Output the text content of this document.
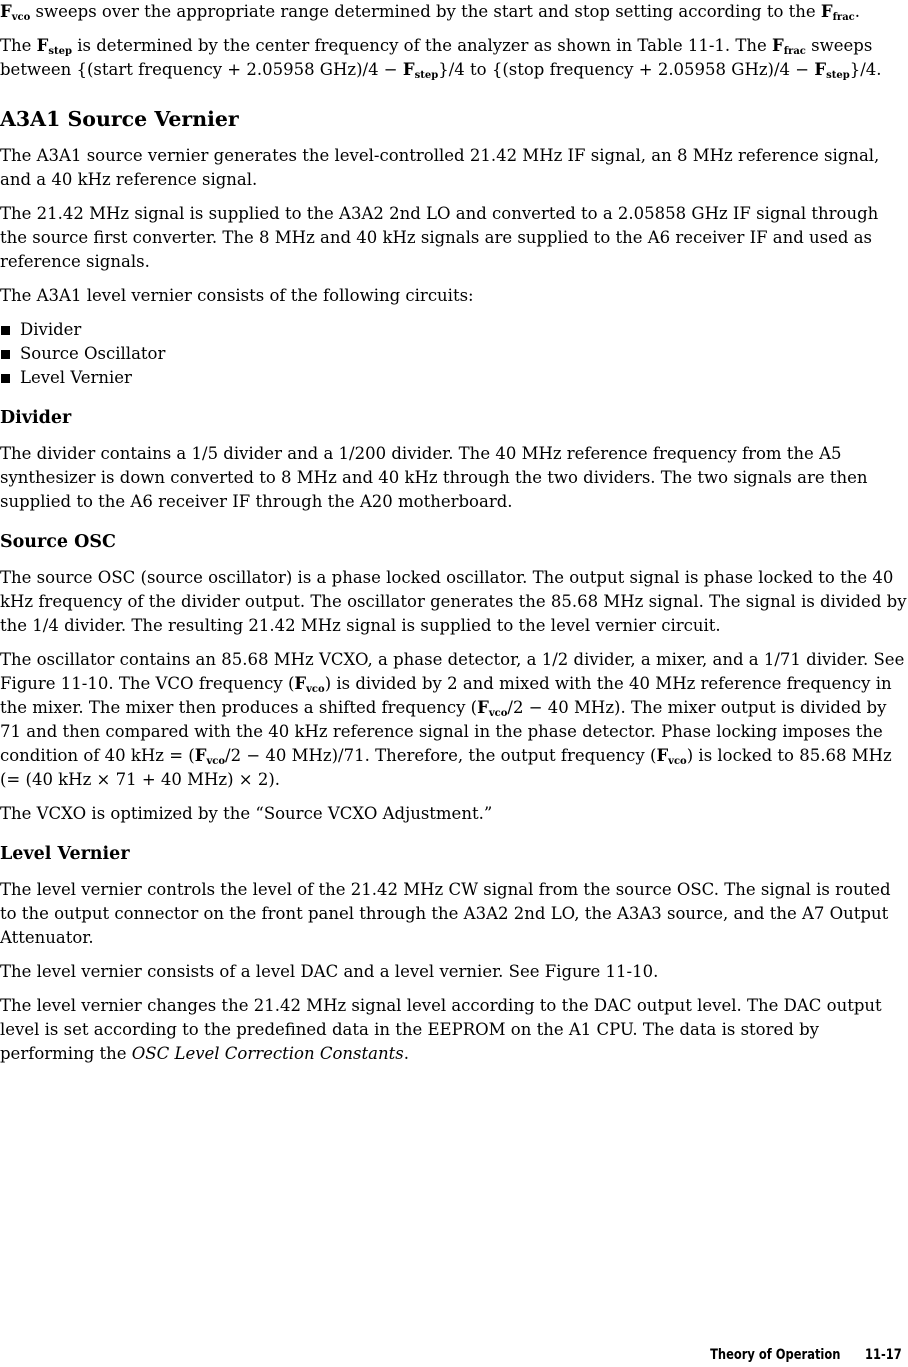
$F_{vco}$ sweeps over the appropriate range determined by the start and stop setting according to the $F_{frac}$.

The $F_{step}$ is determined by the center frequency of the analyzer as shown in Table 11-1. The $F_{frac}$ sweeps between {(start frequency + 2.05958 $GHz)/4 - F_{step}\}/4$ to {(stop frequency + 2.05958 $GHz)/4 - F_{step}\}/4$.

A3A1 Source Vernier

The A3A1 source vernier generates the level-controlled 21.42 MHz IF signal, an 8 MHz reference signal, and a 40 kHz reference signal.

The 21.42 MHz signal is supplied to the A3A2 2nd LO and converted to a 2.05858 GHz IF signal through the source first converter. The 8 MHz and 40 kHz signals are supplied to the A6 receiver IF and used as reference signals.

The A3A1 level vernier consists of the following circuits:

Divider
Source Oscillator
Level Vernier
Divider

The divider contains a 1/5 divider and a 1/200 divider. The 40 MHz reference frequency from the A5 synthesizer is down converted to 8 MHz and 40 kHz through the two dividers. The two signals are then supplied to the A6 receiver IF through the A20 motherboard.

Source OSC

The source OSC (source oscillator) is a phase locked oscillator. The output signal is phase locked to the 40 kHz frequency of the divider output. The oscillator generates the 85.68 MHz signal. The signal is divided by the 1/4 divider. The resulting 21.42 MHz signal is supplied to the level vernier circuit.

The oscillator contains an 85.68 MHz VCXO, a phase detector, a 1/2 divider, a mixer, and a 1/71 divider. See Figure 11-10. The VCO frequency $(F_{vco})$ is divided by 2 and mixed with the 40 MHz reference frequency in the mixer. The mixer then produces a shifted frequency ($F_{vco}/2 - 40$ MHz). The mixer output is divided by 71 and then compared with the 40 kHz reference signal in the phase detector. Phase locking imposes the condition of 40 kHz = ($F_{vco}/2 - 40$ MHz)/71. Therefore, the output frequency $(F_{vco})$ is locked to 85.68 MHz (= (40 kHz × 71 + 40 MHz) × 2).

The VCXO is optimized by the “Source VCXO Adjustment.”

Level Vernier

The level vernier controls the level of the 21.42 MHz CW signal from the source OSC. The signal is routed to the output connector on the front panel through the A3A2 2nd LO, the A3A3 source, and the A7 Output Attenuator.

The level vernier consists of a level DAC and a level vernier. See Figure 11-10.

The level vernier changes the 21.42 MHz signal level according to the DAC output level. The DAC output level is set according to the predefined data in the EEPROM on the A1 CPU. The data is stored by performing the OSC Level Correction Constants.

Theory of Operation 11-17
